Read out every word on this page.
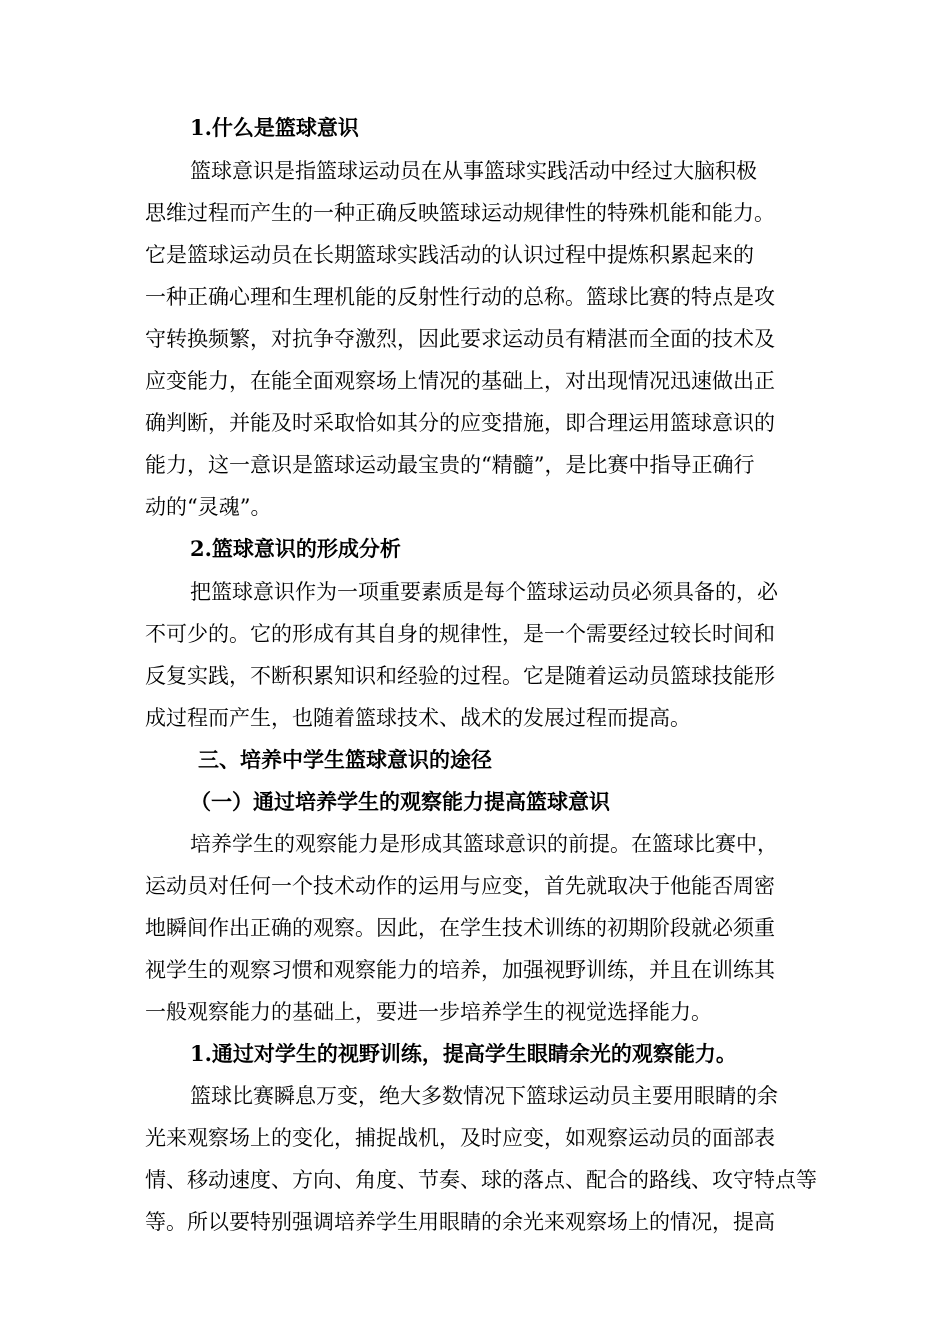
1.什么是篮球意识
篮球意识是指篮球运动员在从事篮球实践活动中经过大脑积极
思维过程而产生的一种正确反映篮球运动规律性的特殊机能和能力。
它是篮球运动员在长期篮球实践活动的认识过程中提炼积累起来的
一种正确心理和生理机能的反射性行动的总称。篮球比赛的特点是攻
守转换频繁，对抗争夺激烈，因此要求运动员有精湛而全面的技术及
应变能力，在能全面观察场上情况的基础上，对出现情况迅速做出正
确判断，并能及时采取恰如其分的应变措施，即合理运用篮球意识的
能力，这一意识是篮球运动最宝贵的“精髓”，是比赛中指导正确行
动的“灵魂”。
2.篮球意识的形成分析
把篮球意识作为一项重要素质是每个篮球运动员必须具备的，必
不可少的。它的形成有其自身的规律性，是一个需要经过较长时间和
反复实践，不断积累知识和经验的过程。它是随着运动员篮球技能形
成过程而产生，也随着篮球技术、战术的发展过程而提高。
三、培养中学生篮球意识的途径
（一）通过培养学生的观察能力提高篮球意识
培养学生的观察能力是形成其篮球意识的前提。在篮球比赛中，
运动员对任何一个技术动作的运用与应变，首先就取决于他能否周密
地瞬间作出正确的观察。因此，在学生技术训练的初期阶段就必须重
视学生的观察习惯和观察能力的培养，加强视野训练，并且在训练其
一般观察能力的基础上，要进一步培养学生的视觉选择能力。
1.通过对学生的视野训练，提高学生眼睛余光的观察能力。
篮球比赛瞬息万变，绝大多数情况下篮球运动员主要用眼睛的余
光来观察场上的变化，捕捉战机，及时应变，如观察运动员的面部表
情、移动速度、方向、角度、节奏、球的落点、配合的路线、攻守特点等
等。所以要特别强调培养学生用眼睛的余光来观察场上的情况，提高
